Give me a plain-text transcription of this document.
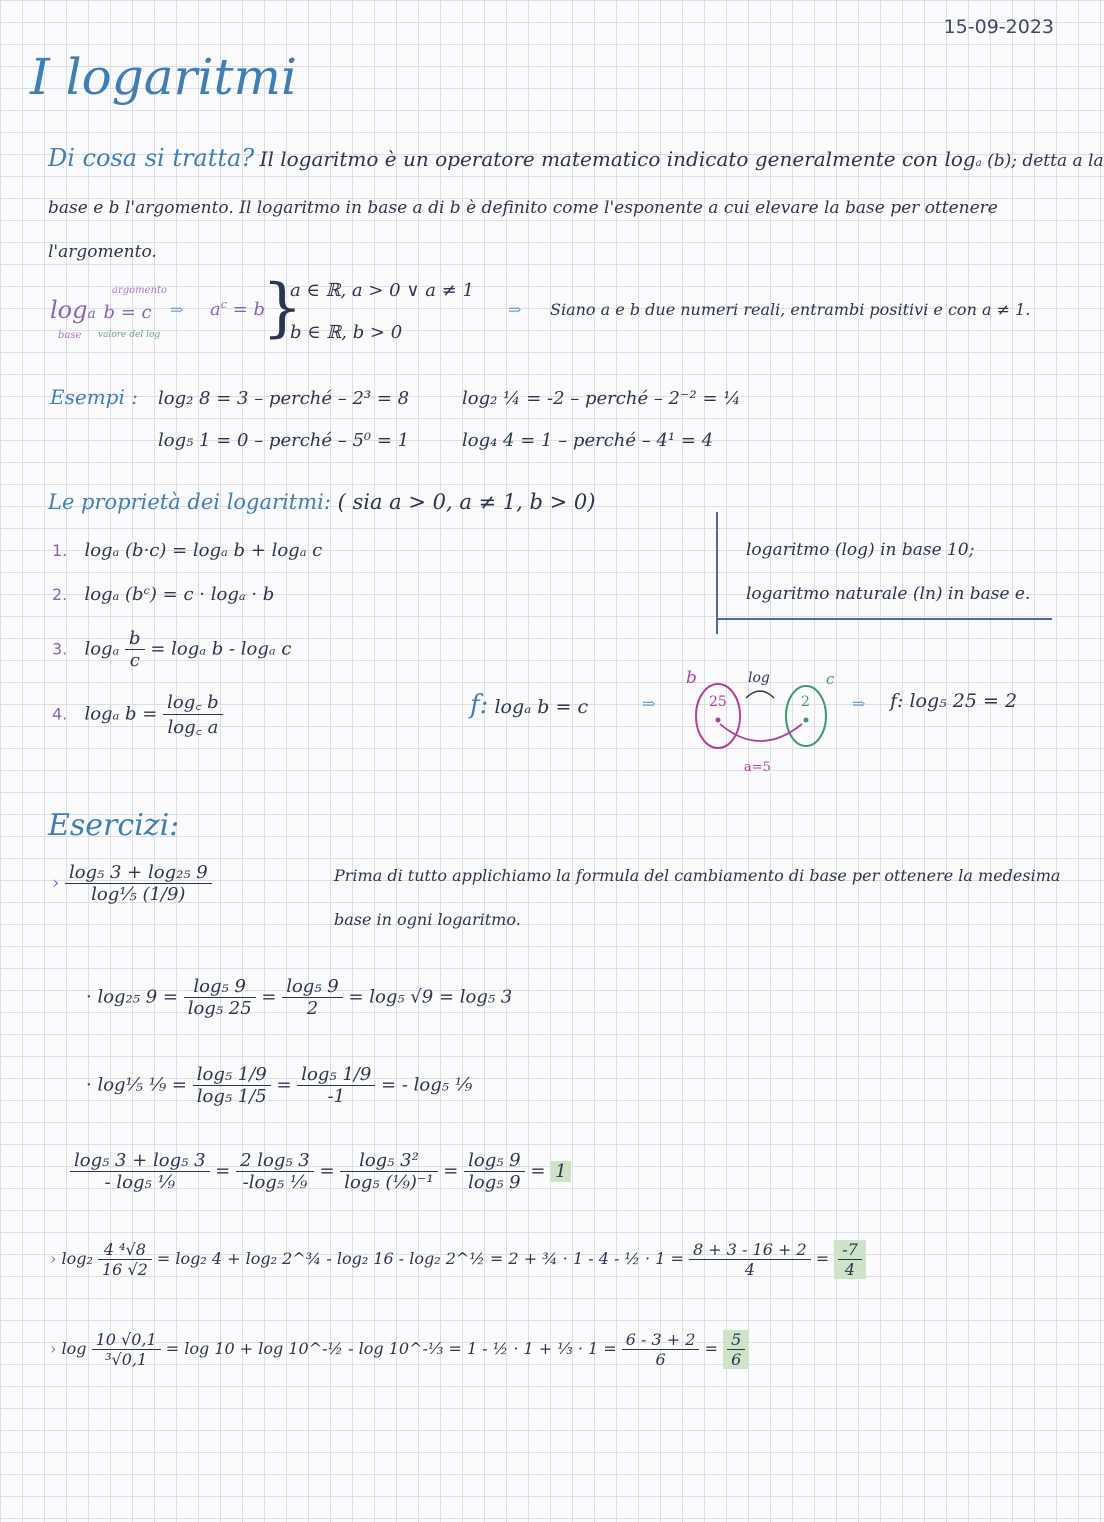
15-09-2023
I logaritmi
Di cosa si tratta? Il logaritmo è un operatore matematico indicato generalmente con loga (b); detta a la
base e b l'argomento. Il logaritmo in base a di b è definito come l'esponente a cui elevare la base per ottenere
l'argomento.
loga b = c
argomento
base valore del log
⇒ $a^c = b$
}
a ∈ ℝ, a > 0 ∨ a ≠ 1
b ∈ ℝ, b > 0
⇒ Siano a e b due numeri reali, entrambi positivi e con a ≠ 1.
Esempi : log₂ 8 = 3 – perché – 2³ = 8
log₅ 1 = 0 – perché – 5⁰ = 1
log₂ ¼ = -2 – perché – 2⁻² = ¼
log₄ 4 = 1 – perché – 4¹ = 4
Le proprietà dei logaritmi: ( sia a > 0, a ≠ 1, b > 0)
1. logₐ (b·c) = logₐ b + logₐ c
2. logₐ (bᶜ) = c · logₐ · b
3. logₐ $\frac{b}{c} = \log_a$ b - logₐ c
4. logₐ $b = \frac{\log꜀ b}{\log꜀ a}$
logaritmo (log) in base 10;
logaritmo naturale (ln) in base e.
f: logₐ b = c	⇒
b	c
log
25	2
a=5
⇒ f: log₅ 25 = 2
Esercizi:
› $\frac{\text{log₅ 3 + log₂₅ 9}}{\text{log⅕ (1/9)}}$	Prima di tutto applichiamo la formula del cambiamento di base per ottenere la medesima
base in ogni logaritmo.
· log₂₅ $9 = \frac{\text{log₅ 9}}{\text{log₅ 25}} = \frac{\text{log₅ 9}}{2} = \log_5$ √9 = log₅ 3
· log⅕ ⅑ = $\frac{\text{log₅ 1/9}}{\text{log₅ 1/5}} = \frac{\text{log₅ 1/9}}{-1}$ = - log₅ ⅑
$\frac{\text{log₅ 3 + log₅ 3}}{\text{- log₅ ⅑}} = \frac{\text{2 log₅ 3}}{\text{-log₅ ⅑}} = \frac{\text{log₅ 3²}}{\text{log₅ (⅑)⁻¹}} = \frac{\text{log₅ 9}}{\text{log₅ 9}} = 1$
› $\log_2 \frac{\text{4 ⁴√8}}{16 √2} = \log_2$ 4 + log₂ 2^¾ - log₂ 16 - log₂ 2^½ = 2 + ¾ · 1 - 4 - ½ · $1 = \frac{8 + 3 - 16 + 2}{4} = \frac{-7}{4}$
› $\log \frac{10 √0,1}{\text{³√0,1}} = \log 10 + \log$ 10^-½ - log 10^-⅓ = 1 - ½ · 1 + ⅓ · $1 = \frac{6 - 3 + 2}{6} = \frac{5}{6}$
